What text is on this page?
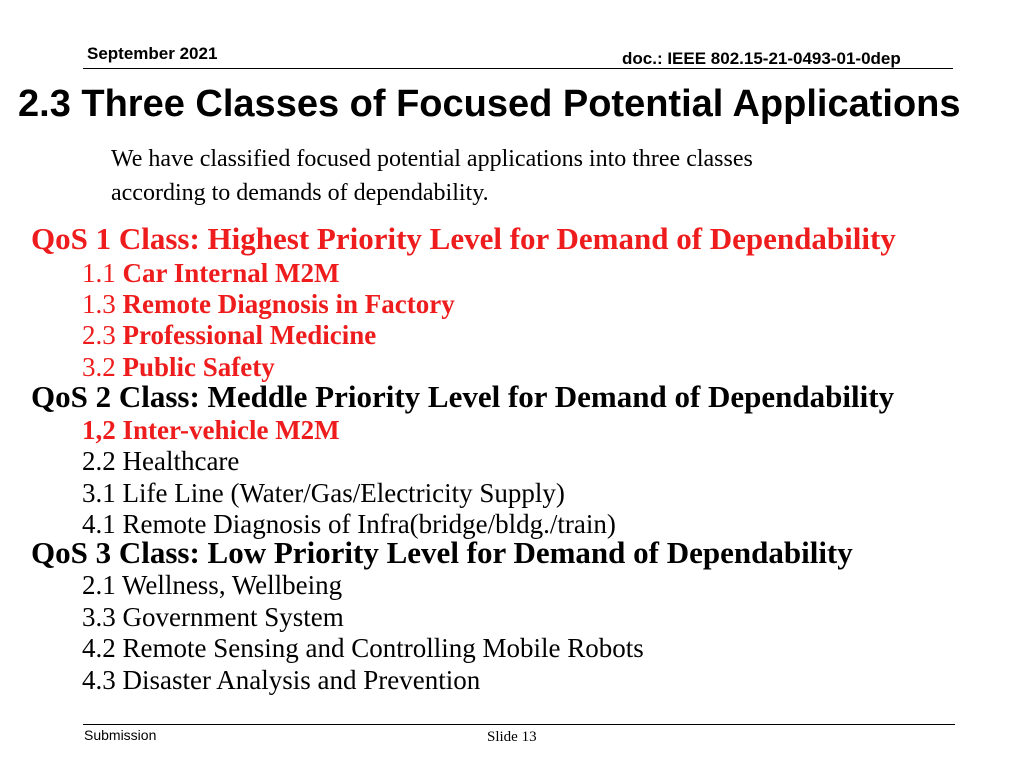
September 2021	doc.: IEEE 802.15-21-0493-01-0dep
2.3 Three Classes of Focused Potential Applications
We have classified focused potential applications into three classes
according to demands of dependability.
QoS 1 Class: Highest Priority Level for Demand of Dependability
1.1 Car Internal M2M
1.3 Remote Diagnosis in Factory
2.3 Professional Medicine
3.2 Public Safety
QoS 2 Class: Meddle Priority Level for Demand of Dependability
1,2 Inter-vehicle M2M
2.2 Healthcare
3.1 Life Line (Water/Gas/Electricity Supply)
4.1 Remote Diagnosis of Infra(bridge/bldg./train)
QoS 3 Class: Low Priority Level for Demand of Dependability
2.1 Wellness, Wellbeing
3.3 Government System
4.2 Remote Sensing and Controlling Mobile Robots
4.3 Disaster Analysis and Prevention
Submission	Slide 13
